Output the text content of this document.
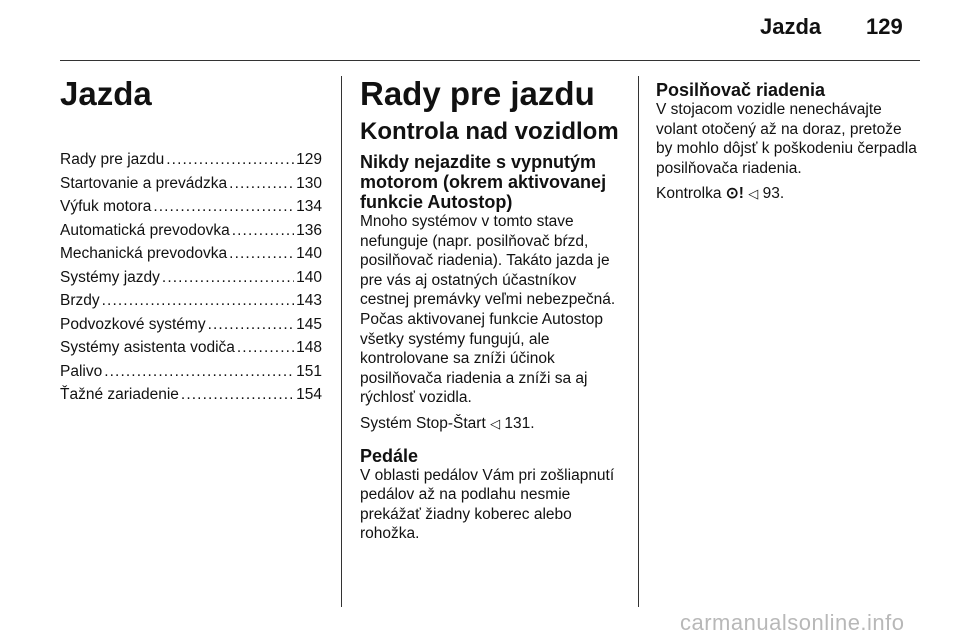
Jazda 129
Jazda
Rady pre jazdu . . .	129
Startovanie a prevádzka . . .	130
Výfuk motora . . .	134
Automatická prevodovka . . .	136
Mechanická prevodovka . . .	140
Systémy jazdy . . .	140
Brzdy . . .	143
Podvozkové systémy . . .	145
Systémy asistenta vodiča . . .	148
Palivo . . .	151
Ťažné zariadenie . . .	154
Rady pre jazdu
Kontrola nad vozidlom
Nikdy nejazdite s vypnutým motorom (okrem aktivovanej funkcie Autostop)

Mnoho systémov v tomto stave nefunguje (napr. posilňovač bŕzd, posilňovač riadenia). Takáto jazda je pre vás aj ostatných účastníkov cestnej premávky veľmi nebezpečná. Počas aktivovanej funkcie Autostop všetky systémy fungujú, ale kontrolovane sa zníži účinok posilňovača riadenia a zníži sa aj rýchlosť vozidla.

Systém Stop-Štart ◁ 131.

Pedále

V oblasti pedálov Vám pri zošliapnutí pedálov až na podlahu nesmie prekážať žiadny koberec alebo rohožka.

Posilňovač riadenia

V stojacom vozidle nenechávajte volant otočený až na doraz, pretože by mohlo dôjsť k poškodeniu čerpadla posilňovača riadenia.

Kontrolka ⊙! ◁ 93.

carmanualsonline.info
